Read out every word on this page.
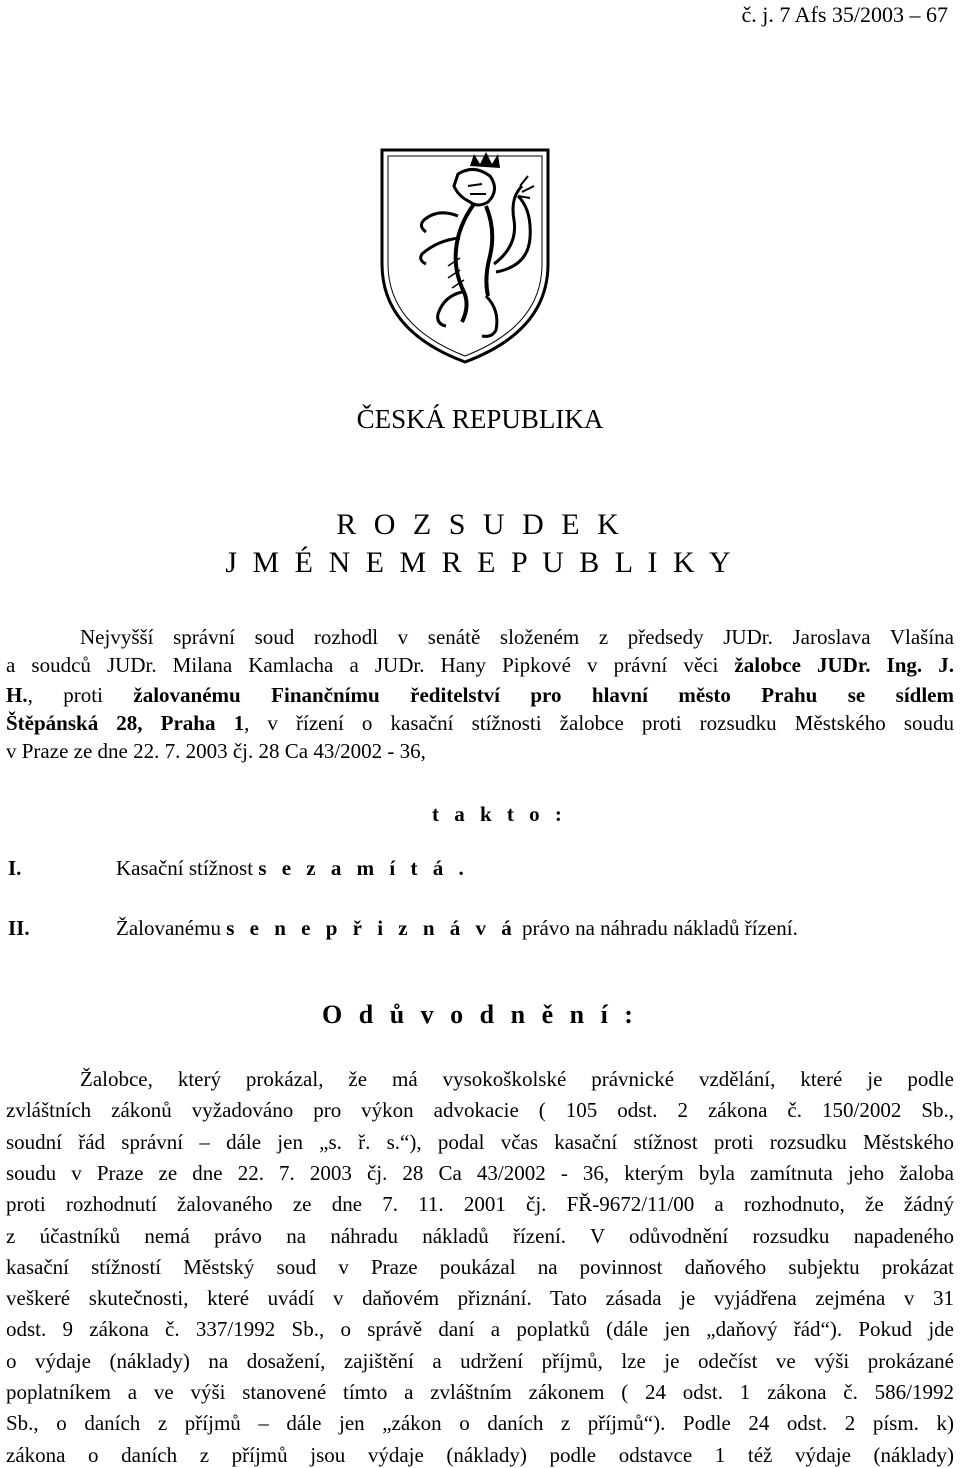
č. j. 7 Afs 35/2003 – 67
ČESKÁ REPUBLIKA
R O Z S U D E K
J M É N E M R E P U B L I K Y
Nejvyšší správní soud rozhodl v senátě složeném z předsedy JUDr. Jaroslava Vlašína
a soudců JUDr. Milana Kamlacha a JUDr. Hany Pipkové v právní věci žalobce JUDr. Ing. J.
H., proti žalovanému Finančnímu ředitelství pro hlavní město Prahu se sídlem
Štěpánská 28, Praha 1, v řízení o kasační stížnosti žalobce proti rozsudku Městského soudu
v Praze ze dne 22. 7. 2003 čj. 28 Ca 43/2002 - 36,
t a k t o :
I.	Kasační stížnost s e z a m í t á .
II.	Žalovanému s e n e p ř i z n á v á právo na náhradu nákladů řízení.
O d ů v o d n ě n í :
Žalobce, který prokázal, že má vysokoškolské právnické vzdělání, které je podle
zvláštních zákonů vyžadováno pro výkon advokacie ( 105 odst. 2 zákona č. 150/2002 Sb.,
soudní řád správní – dále jen „s. ř. s.“), podal včas kasační stížnost proti rozsudku Městského
soudu v Praze ze dne 22. 7. 2003 čj. 28 Ca 43/2002 - 36, kterým byla zamítnuta jeho žaloba
proti rozhodnutí žalovaného ze dne 7. 11. 2001 čj. FŘ-9672/11/00 a rozhodnuto, že žádný
z účastníků nemá právo na náhradu nákladů řízení. V odůvodnění rozsudku napadeného
kasační stížností Městský soud v Praze poukázal na povinnost daňového subjektu prokázat
veškeré skutečnosti, které uvádí v daňovém přiznání. Tato zásada je vyjádřena zejména v 31
odst. 9 zákona č. 337/1992 Sb., o správě daní a poplatků (dále jen „daňový řád“). Pokud jde
o výdaje (náklady) na dosažení, zajištění a udržení příjmů, lze je odečíst ve výši prokázané
poplatníkem a ve výši stanovené tímto a zvláštním zákonem ( 24 odst. 1 zákona č. 586/1992
Sb., o daních z příjmů – dále jen „zákon o daních z příjmů“). Podle 24 odst. 2 písm. k)
zákona o daních z příjmů jsou výdaje (náklady) podle odstavce 1 též výdaje (náklady)
